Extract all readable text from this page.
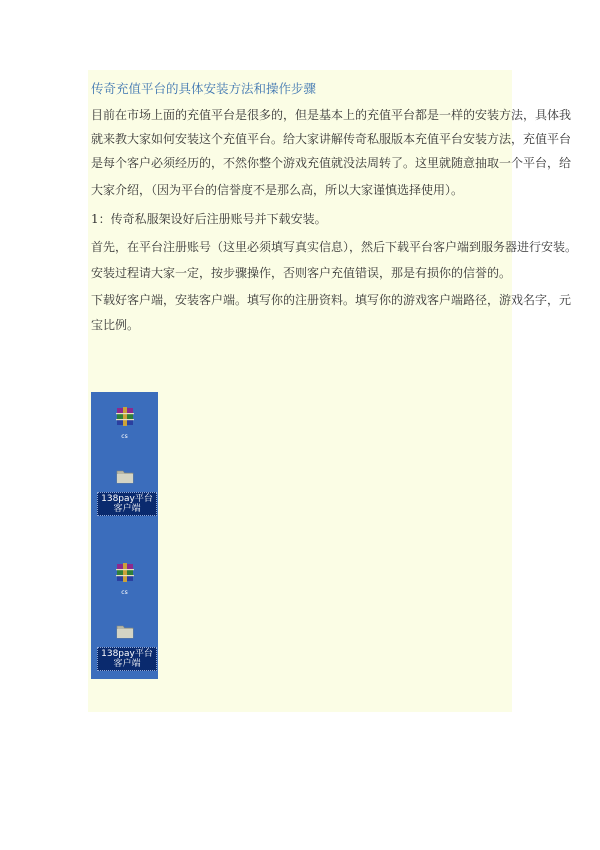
传奇充值平台的具体安装方法和操作步骤
目前在市场上面的充值平台是很多的，但是基本上的充值平台都是一样的安装方法，具体我
就来教大家如何安装这个充值平台。给大家讲解传奇私服版本充值平台安装方法，充值平台
是每个客户必须经历的，不然你整个游戏充值就没法周转了。这里就随意抽取一个平台，给
大家介绍，（因为平台的信誉度不是那么高，所以大家谨慎选择使用）。
1：传奇私服架设好后注册账号并下载安装。
首先，在平台注册账号（这里必须填写真实信息），然后下载平台客户端到服务器进行安装。
安装过程请大家一定，按步骤操作，否则客户充值错误，那是有损你的信誉的。
下载好客户端，安装客户端。填写你的注册资料。填写你的游戏客户端路径，游戏名字，元
宝比例。
cs
138pay平台客户端
cs
138pay平台客户端
